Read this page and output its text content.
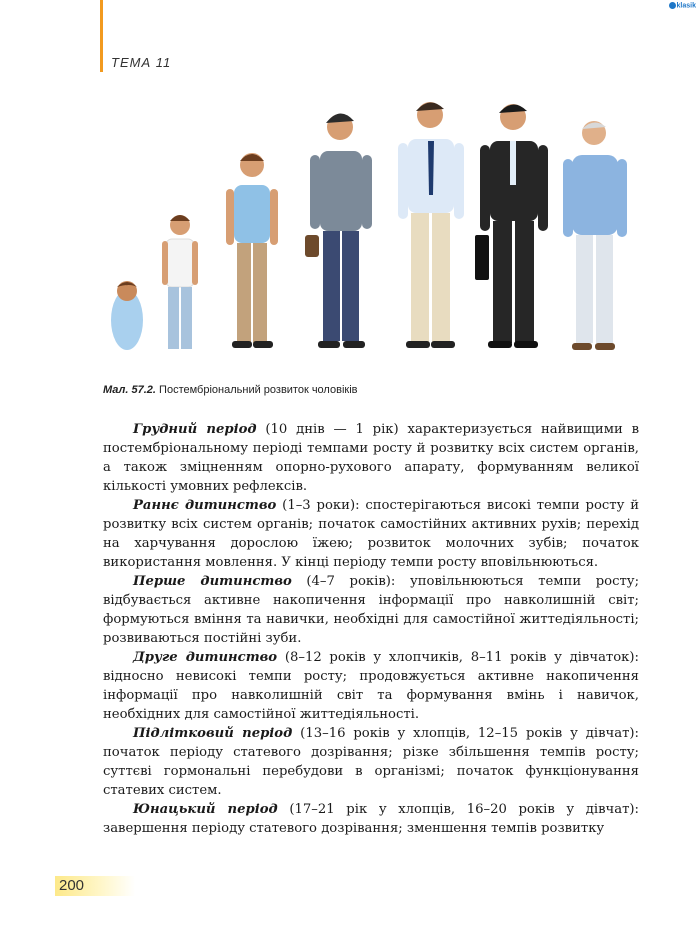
ТЕМА 11
klasik
Мал. 57.2. Постембріональний розвиток чоловіків

Грудний період (10 днів — 1 рік) характеризується найвищими в постембріональному періоді темпами росту й розвитку всіх систем органів, а також зміцненням опорно-рухового апарату, формуванням великої кількості умовних рефлексів.

Раннє дитинство (1–3 роки): спостерігаються високі темпи росту й розвитку всіх систем органів; початок самостійних активних рухів; перехід на харчування дорослою їжею; розвиток молочних зубів; початок використання мовлення. У кінці періоду темпи росту вповільнюються.

Перше дитинство (4–7 років): уповільнюються темпи росту; відбувається активне накопичення інформації про навколишній світ; формуються вміння та навички, необхідні для самостійної життедіяльності; розвиваються постійні зуби.

Друге дитинство (8–12 років у хлопчиків, 8–11 років у дівчаток): відносно невисокі темпи росту; продовжується активне накопичення інформації про навколишній світ та формування вмінь і навичок, необхідних для самостійної життедіяльності.

Підлітковий період (13–16 років у хлопців, 12–15 років у дівчат): початок періоду статевого дозрівання; різке збільшення темпів росту; суттєві гормональні перебудови в організмі; початок функціонування статевих систем.

Юнацький період (17–21 рік у хлопців, 16–20 років у дівчат): завершення періоду статевого дозрівання; зменшення темпів розвитку

200
